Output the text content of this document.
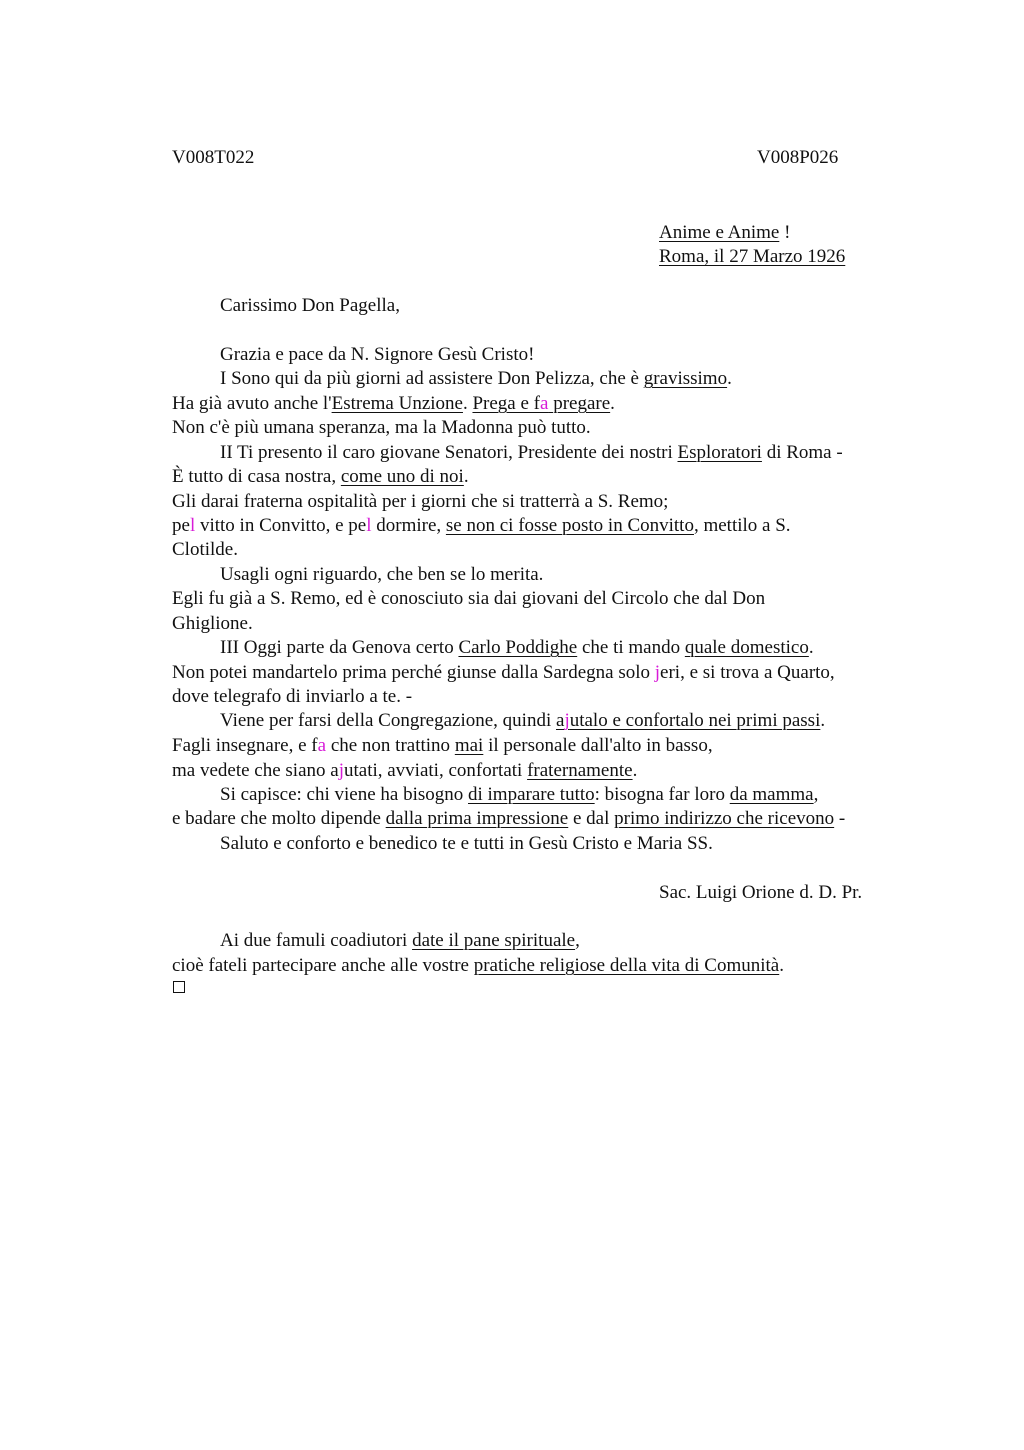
V008T022	V008P026
Anime e Anime !
Roma, il 27 Marzo 1926
Carissimo Don Pagella,
Grazia e pace da N. Signore Gesù Cristo!
I Sono qui da più giorni ad assistere Don Pelizza, che è gravissimo.
Ha già avuto anche l'Estrema Unzione. Prega e fa pregare.
Non c'è più umana speranza, ma la Madonna può tutto.
II Ti presento il caro giovane Senatori, Presidente dei nostri Esploratori di Roma -
È tutto di casa nostra, come uno di noi.
Gli darai fraterna ospitalità per i giorni che si tratterrà a S. Remo;
pel vitto in Convitto, e pel dormire, se non ci fosse posto in Convitto, mettilo a S.
Clotilde.
Usagli ogni riguardo, che ben se lo merita.
Egli fu già a S. Remo, ed è conosciuto sia dai giovani del Circolo che dal Don
Ghiglione.
III Oggi parte da Genova certo Carlo Poddighe che ti mando quale domestico.
Non potei mandartelo prima perché giunse dalla Sardegna solo jeri, e si trova a Quarto,
dove telegrafo di inviarlo a te. -
Viene per farsi della Congregazione, quindi ajutalo e confortalo nei primi passi.
Fagli insegnare, e fa che non trattino mai il personale dall'alto in basso,
ma vedete che siano ajutati, avviati, confortati fraternamente.
Si capisce: chi viene ha bisogno di imparare tutto: bisogna far loro da mamma,
e badare che molto dipende dalla prima impressione e dal primo indirizzo che ricevono -
Saluto e conforto e benedico te e tutti in Gesù Cristo e Maria SS.
Sac. Luigi Orione d. D. Pr.
Ai due famuli coadiutori date il pane spirituale,
cioè fateli partecipare anche alle vostre pratiche religiose della vita di Comunità.
